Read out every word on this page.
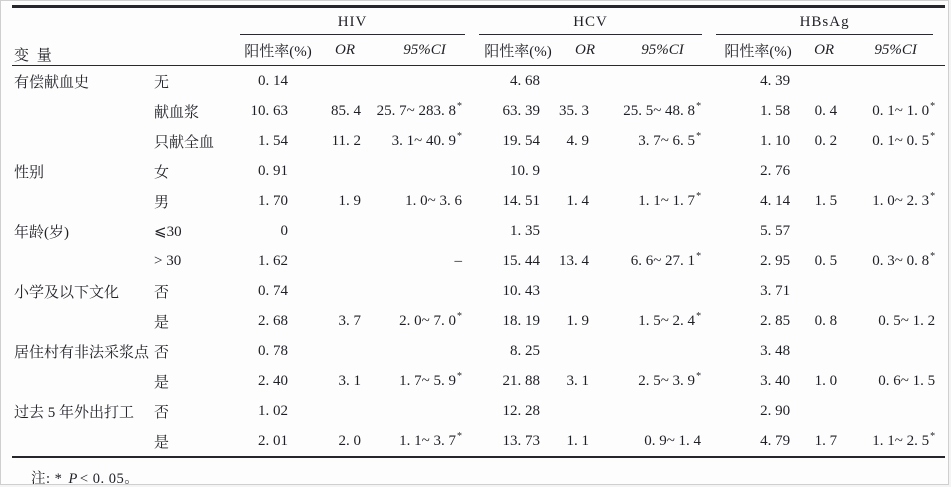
变 量		HIV			HCV			HBsAg		

		阳性率(%)	OR	95%CI	阳性率(%)	OR	95%CI	阳性率(%)	OR	95%CI
有偿献血史	无	0. 14			4. 68			4. 39		
	献血浆	10. 63	85. 4	25. 7~ 283. 8*	63. 39	35. 3	25. 5~ 48. 8*	1. 58	0. 4	0. 1~ 1. 0*
	只献全血	1. 54	11. 2	3. 1~ 40. 9*	19. 54	4. 9	3. 7~ 6. 5*	1. 10	0. 2	0. 1~ 0. 5*
性别	女	0. 91			10. 9			2. 76		
	男	1. 70	1. 9	1. 0~ 3. 6	14. 51	1. 4	1. 1~ 1. 7*	4. 14	1. 5	1. 0~ 2. 3*
年龄(岁)	⩽30	0			1. 35			5. 57		
	> 30	1. 62		–	15. 44	13. 4	6. 6~ 27. 1*	2. 95	0. 5	0. 3~ 0. 8*
小学及以下文化	否	0. 74			10. 43			3. 71		
	是	2. 68	3. 7	2. 0~ 7. 0*	18. 19	1. 9	1. 5~ 2. 4*	2. 85	0. 8	0. 5~ 1. 2
居住村有非法采浆点	否	0. 78			8. 25			3. 48		
	是	2. 40	3. 1	1. 7~ 5. 9*	21. 88	3. 1	2. 5~ 3. 9*	3. 40	1. 0	0. 6~ 1. 5
过去 5 年外出打工	否	1. 02			12. 28			2. 90		
	是	2. 01	2. 0	1. 1~ 3. 7*	13. 73	1. 1	0. 9~ 1. 4	4. 79	1. 7	1. 1~ 2. 5*
注: * P < 0. 05。
